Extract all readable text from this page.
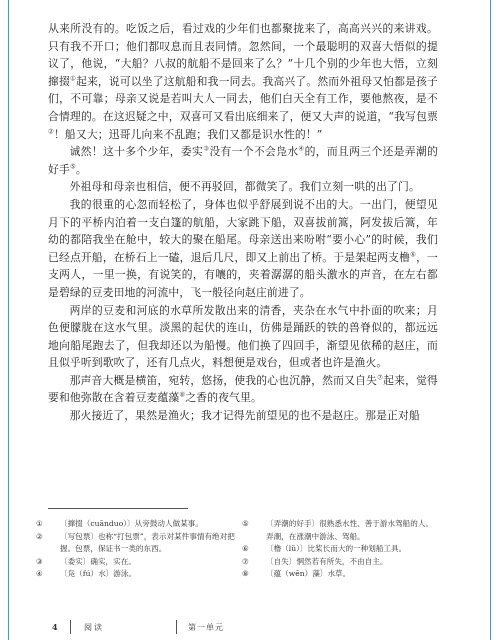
从来所没有的。吃饭之后，看过戏的少年们也都聚拢来了，高高兴兴的来讲戏。只有我不开口；他们都叹息而且表同情。忽然间，一个最聪明的双喜大悟似的提议了，他说，“大船？八叔的航船不是回来了么？”十几个别的少年也大悟，立刻撺掇①起来，说可以坐了这航船和我一同去。我高兴了。然而外祖母又怕都是孩子们，不可靠；母亲又说是若叫大人一同去，他们白天全有工作，要他熬夜，是不合情理的。在这迟疑之中，双喜可又看出底细来了，便又大声的说道，“我写包票②！船又大；迅哥儿向来不乱跑；我们又都是识水性的！”

诚然！这十多个少年，委实③没有一个不会凫水④的，而且两三个还是弄潮的好手⑤。

外祖母和母亲也相信，便不再驳回，都微笑了。我们立刻一哄的出了门。

我的很重的心忽而轻松了，身体也似乎舒展到说不出的大。一出门，便望见月下的平桥内泊着一支白篷的航船，大家跳下船，双喜拔前篙，阿发拔后篙，年幼的都陪我坐在舱中，较大的聚在船尾。母亲送出来吩咐“要小心”的时候，我们已经点开船，在桥石上一磕，退后几尺，即又上前出了桥。于是架起两支橹⑥，一支两人，一里一换，有说笑的，有嚷的，夹着潺潺的船头激水的声音，在左右都是碧绿的豆麦田地的河流中，飞一般径向赵庄前进了。

两岸的豆麦和河底的水草所发散出来的清香，夹杂在水气中扑面的吹来；月色便朦胧在这水气里。淡黑的起伏的连山，仿佛是踊跃的铁的兽脊似的，都远远地向船尾跑去了，但我却还以为船慢。他们换了四回手，渐望见依稀的赵庄，而且似乎听到歌吹了，还有几点火，料想便是戏台，但或者也许是渔火。

那声音大概是横笛，宛转，悠扬，使我的心也沉静，然而又自失⑦起来，觉得要和他弥散在含着豆麦蕴藻⑧之香的夜气里。

那火接近了，果然是渔火；我才记得先前望见的也不是赵庄。那是正对船

① 〔撺掇（cuānduo）〕从旁鼓动人做某事。
② 〔写包票〕也称“打包票”，表示对某件事情有绝对把握。包票，保证书一类的东西。
③ 〔委实〕确实，实在。
④ 〔凫（fú）水〕游泳。
⑤ 〔弄潮的好手〕很熟悉水性、善于游水驾船的人。弄潮，在涨潮中游泳、驾船。
⑥ 〔橹（lǔ）〕比桨长而大的一种划船工具。
⑦ 〔自失〕惘然若有所失，不由自主。
⑧ 〔蕴（wēn）藻〕水草。
4	阅读	第一单元
